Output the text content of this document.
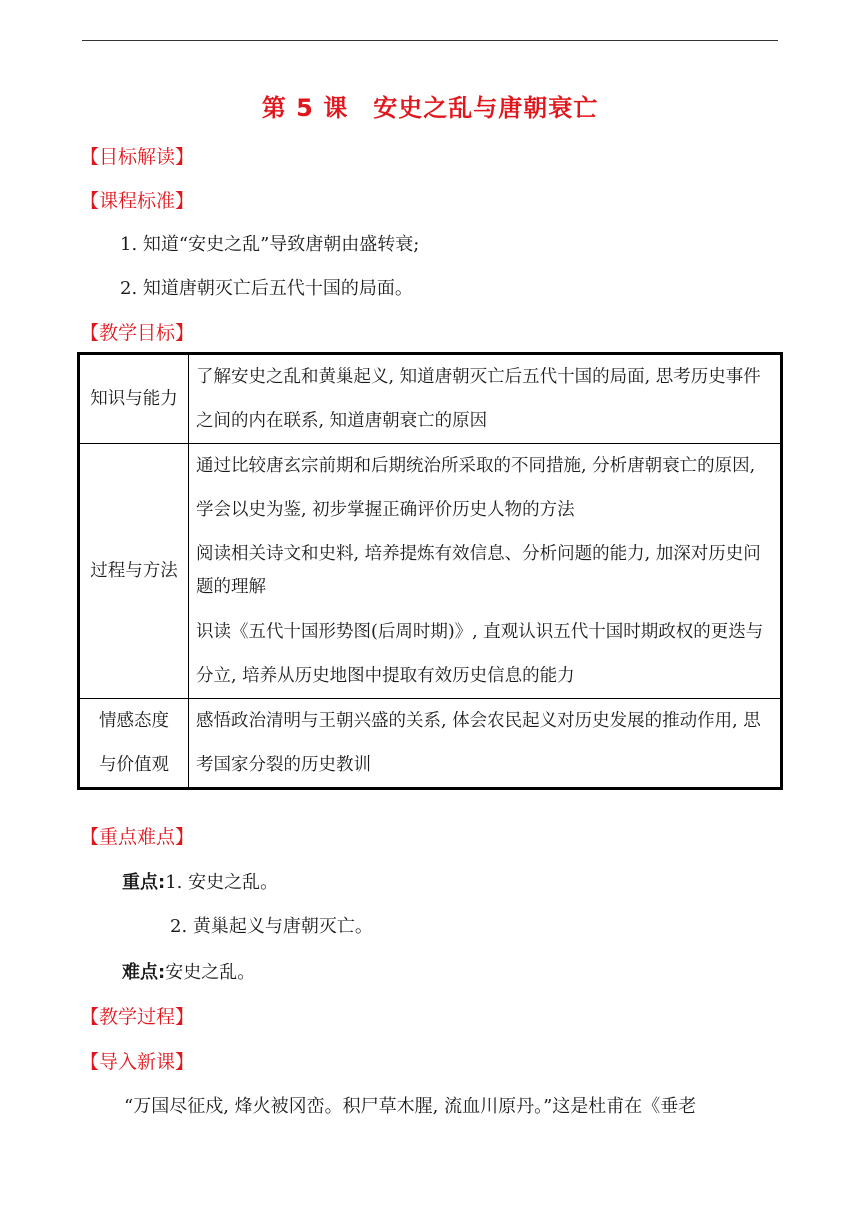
第 5 课　安史之乱与唐朝衰亡
【目标解读】
【课程标准】
1. 知道“安史之乱”导致唐朝由盛转衰;
2. 知道唐朝灭亡后五代十国的局面。
【教学目标】
知识与能力	了解安史之乱和黄巢起义, 知道唐朝灭亡后五代十国的局面, 思考历史事件之间的内在联系, 知道唐朝衰亡的原因
过程与方法	通过比较唐玄宗前期和后期统治所采取的不同措施, 分析唐朝衰亡的原因, 学会以史为鉴, 初步掌握正确评价历史人物的方法
阅读相关诗文和史料, 培养提炼有效信息、分析问题的能力, 加深对历史问题的理解
识读《五代十国形势图(后周时期)》, 直观认识五代十国时期政权的更迭与分立, 培养从历史地图中提取有效历史信息的能力

情感态度
与价值观	感悟政治清明与王朝兴盛的关系, 体会农民起义对历史发展的推动作用, 思考国家分裂的历史教训
【重点难点】
重点:1. 安史之乱。
2. 黄巢起义与唐朝灭亡。
难点:安史之乱。
【教学过程】
【导入新课】
“万国尽征戍, 烽火被冈峦。积尸草木腥, 流血川原丹。”这是杜甫在《垂老
